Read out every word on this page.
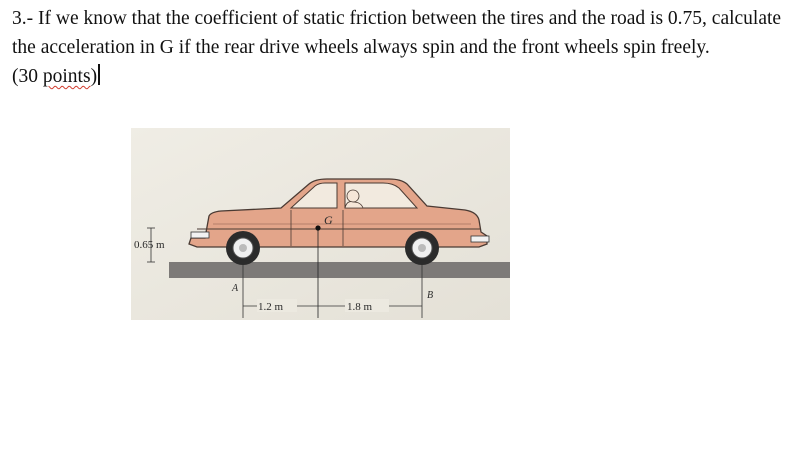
3.- If we know that the coefficient of static friction between the tires and the road is 0.75, calculate the acceleration in G if the rear drive wheels always spin and the front wheels spin freely. (30 points)

G
0.65 m
A
B
1.2 m	1.8 m
